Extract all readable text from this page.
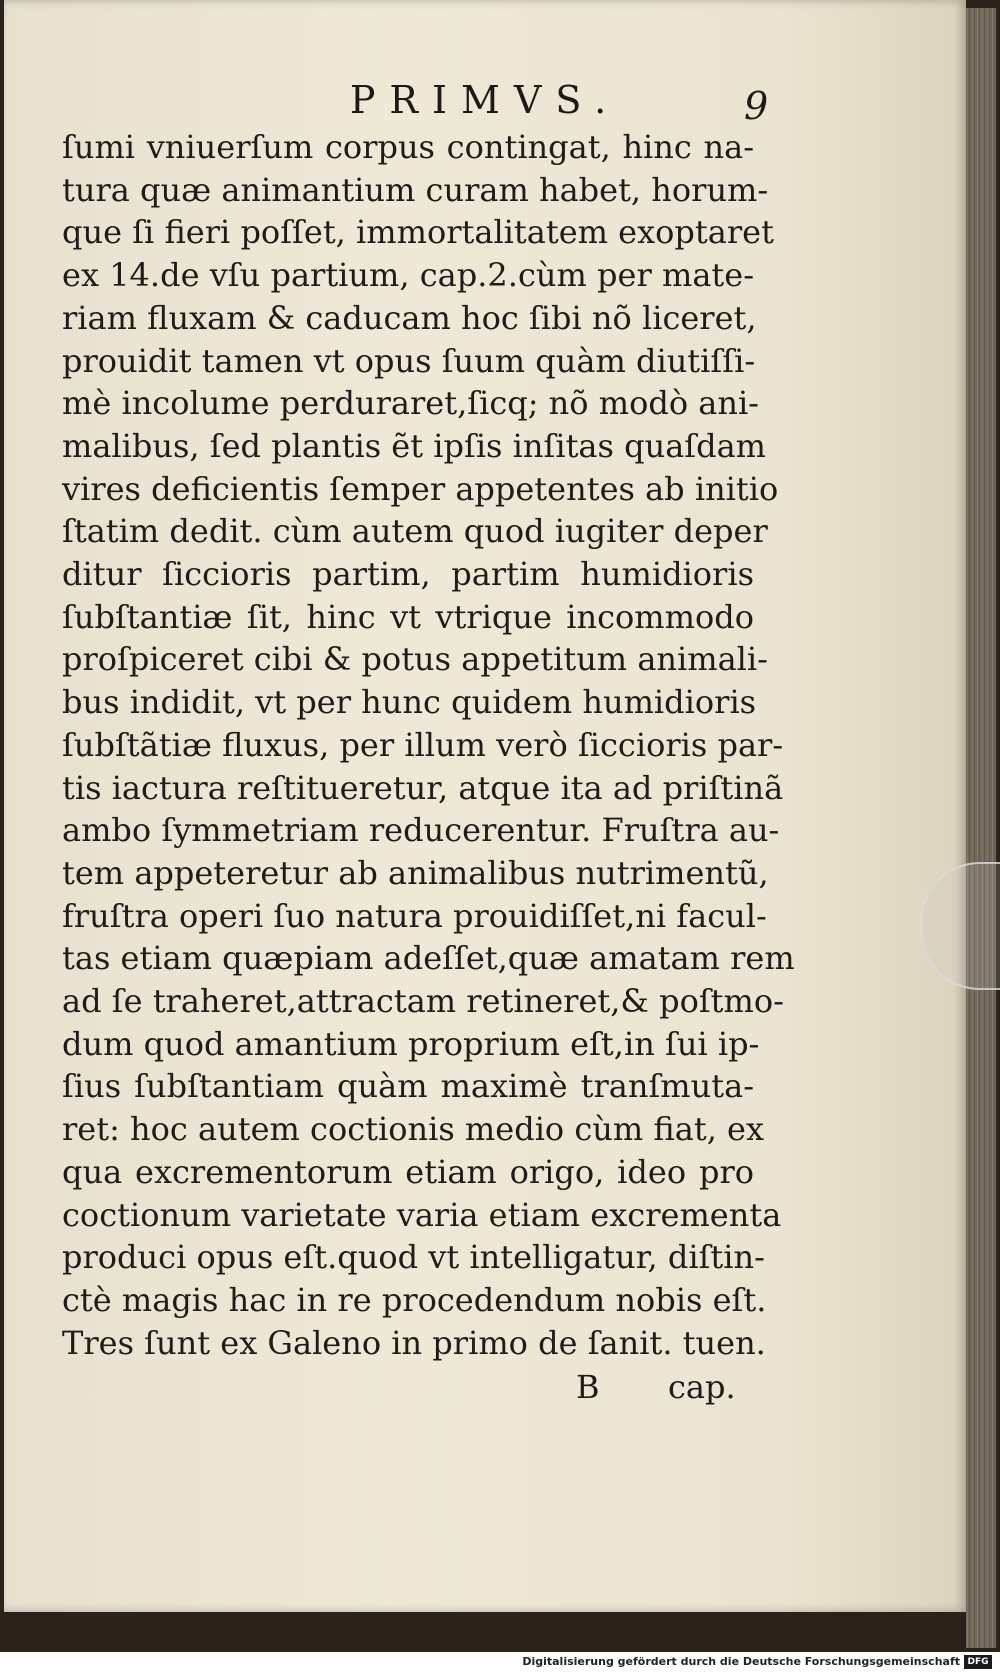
PRIMVS.	9
ſumi vniuerſum corpus contingat, hinc na-
tura quæ animantium curam habet, horum-
que ſi fieri poſſet, immortalitatem exoptaret
ex 14.de vſu partium, cap.2.cùm per mate-
riam fluxam & caducam hoc ſibi nõ liceret,
prouidit tamen vt opus ſuum quàm diutiſſi-
mè incolume perduraret,ſicq; nõ modò ani-
malibus, ſed plantis ẽt ipſis inſitas quaſdam
vires deficientis ſemper appetentes ab initio
ſtatim dedit. cùm autem quod iugiter deper
ditur ſiccioris partim, partim humidioris
ſubſtantiæ ſit, hinc vt vtrique incommodo
proſpiceret cibi & potus appetitum animali-
bus indidit, vt per hunc quidem humidioris
ſubſtãtiæ fluxus, per illum verò ſiccioris par-
tis iactura reſtitueretur, atque ita ad priſtinã
ambo ſymmetriam reducerentur. Fruſtra au-
tem appeteretur ab animalibus nutrimentũ,
fruſtra operi ſuo natura prouidiſſet,ni facul-
tas etiam quæpiam adeſſet,quæ amatam rem
ad ſe traheret,attractam retineret,& poſtmo-
dum quod amantium proprium eſt,in ſui ip-
ſius ſubſtantiam quàm maximè tranſmuta-
ret: hoc autem coctionis medio cùm fiat, ex
qua excrementorum etiam origo, ideo pro
coctionum varietate varia etiam excrementa
produci opus eſt.quod vt intelligatur, diſtin-
ctè magis hac in re procedendum nobis eſt.
Tres ſunt ex Galeno in primo de ſanit. tuen.
B cap.
Digitalisierung gefördert durch die Deutsche Forschungsgemeinschaft DFG
